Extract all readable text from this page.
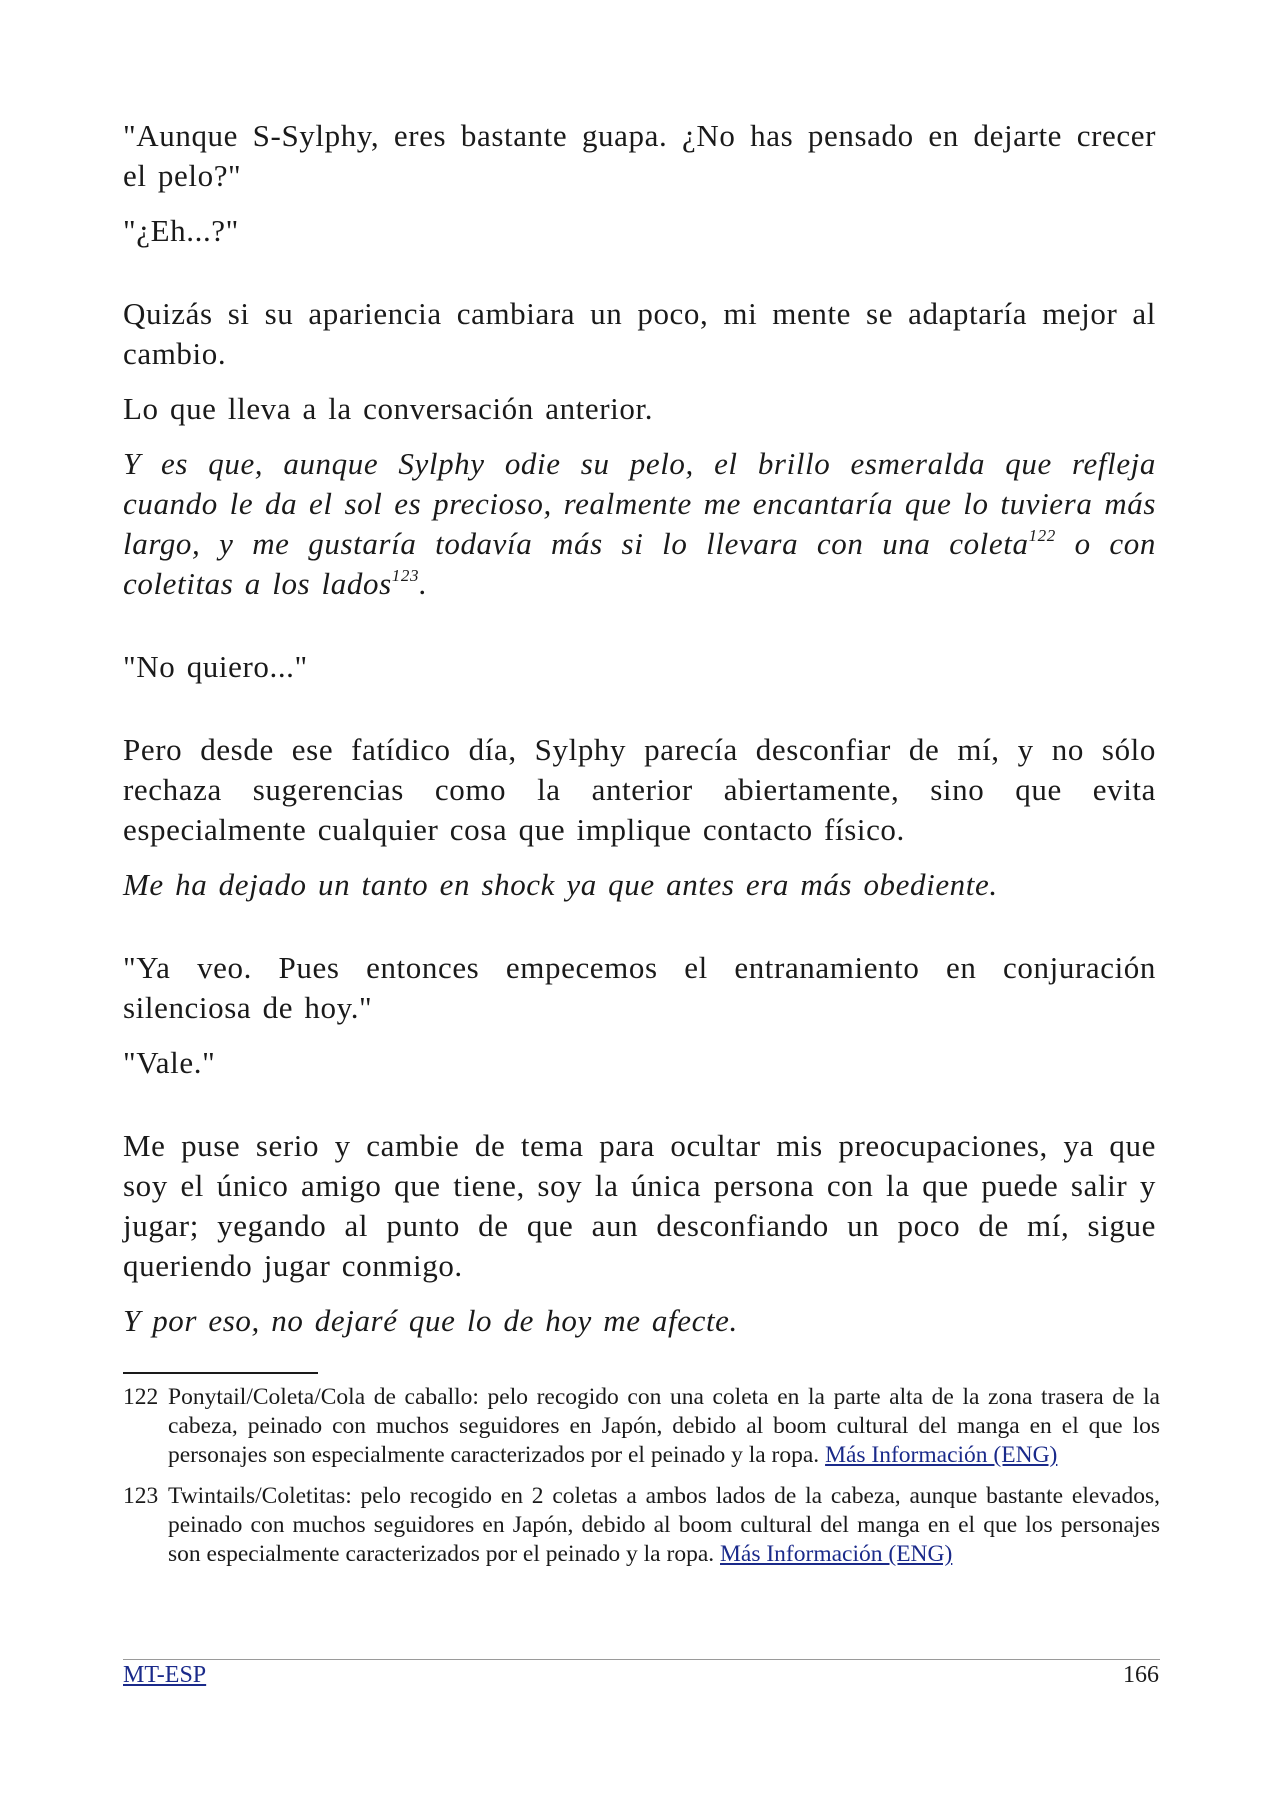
"Aunque S-Sylphy, eres bastante guapa. ¿No has pensado en dejarte crecer el pelo?"

"¿Eh...?"

Quizás si su apariencia cambiara un poco, mi mente se adaptaría mejor al cambio.

Lo que lleva a la conversación anterior.

Y es que, aunque Sylphy odie su pelo, el brillo esmeralda que refleja cuando le da el sol es precioso, realmente me encantaría que lo tuviera más largo, y me gustaría todavía más si lo llevara con una coleta$^{122}$ o con coletitas a los lados$^{123}$.

"No quiero..."

Pero desde ese fatídico día, Sylphy parecía desconfiar de mí, y no sólo rechaza sugerencias como la anterior abiertamente, sino que evita especialmente cualquier cosa que implique contacto físico.

Me ha dejado un tanto en shock ya que antes era más obediente.

"Ya veo. Pues entonces empecemos el entranamiento en conjuración silenciosa de hoy."

"Vale."

Me puse serio y cambie de tema para ocultar mis preocupaciones, ya que soy el único amigo que tiene, soy la única persona con la que puede salir y jugar; yegando al punto de que aun desconfiando un poco de mí, sigue queriendo jugar conmigo.

Y por eso, no dejaré que lo de hoy me afecte.

122 Ponytail/Coleta/Cola de caballo: pelo recogido con una coleta en la parte alta de la zona trasera de la cabeza, peinado con muchos seguidores en Japón, debido al boom cultural del manga en el que los personajes son especialmente caracterizados por el peinado y la ropa. Más Información (ENG)
123 Twintails/Coletitas: pelo recogido en 2 coletas a ambos lados de la cabeza, aunque bastante elevados, peinado con muchos seguidores en Japón, debido al boom cultural del manga en el que los personajes son especialmente caracterizados por el peinado y la ropa. Más Información (ENG)
MT-ESP	166
